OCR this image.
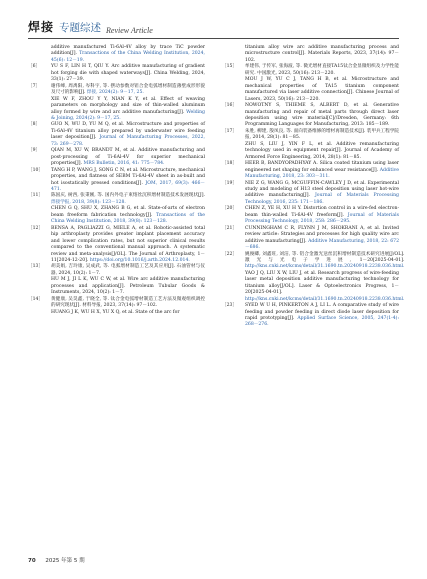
焊接 专题综述 Review Article
additive manufactured Ti-6Al-4V alloy by trace TiC powder addition[J]. Transactions of the China Welding Institution, 2024, 45(6): 12－19.
［6］	YU S F, LIN H T, QIU Y. Arc additive manufacturing of gradient hot forging die with shaped waterways[J]. China Welding, 2024, 33(1): 27－39.
［7］	谢伟峰, 周禹阳, 岑科宇, 等. 摆动参数对钽合金电弧增材制造薄壁成形形貌及尺寸的影响[J]. 焊接, 2024(2): 9－17, 25.
XIE W F, ZHOU Y Y, NIAN K Y, et al. Effect of weaving parameters on morphology and size of thin-walled aluminum alloy formed by wire and arc additive manufacturing[J]. Welding & Joining, 2024(2): 9－17, 25.
［8］	GUO N, WU D, YU M Q, et al. Microstructure and properties of Ti-6Al-4V titanium alloy prepared by underwater wire feeding laser deposition[J]. Journal of Manufacturing Processes, 2022, 73: 269－278.
［9］	QIAN M, XU W, BRANDT M, et al. Additive manufacturing and post-processing of Ti-6Al-4V for superior mechanical properties[J]. MRS Bulletin, 2016, 41: 775－784.
［10］	TANG H P, WANG J, SONG C N, et al. Microstructure, mechanical properties, and flatness of SEBM Ti-6Al-4V sheet in as-built and hot isostatically pressed conditions[J]. JOM, 2017, 69(3): 466－471.
［11］	陈国庆, 树西, 张秉刚, 等. 国内外电子束熔丝沉积增材制造技术发展现状[J]. 焊接学报, 2018, 39(8): 123－128.
CHEN G Q, SHU X, ZHANG B G, et al. State-of-arts of electron beam freeform fabrication technology[J]. Transactions of the China Welding Institution, 2018, 39(8): 123－128.
［12］	BENSA A, PAGLIAZZI G, MIELE A, et al. Robotic-assisted total hip arthroplasty provides greater implant placement accuracy and lower complication rates, but not superior clinical results compared to the conventional manual approach. A systematic review and meta-analysis[J/OL]. The Journal of Arthroplasty, 1－11[2024-12-20]. https://doi.org/10.1016/j.arth.2024.12.014.
［13］	胡美娟, 吉玲康, 吴成武, 等. 电弧增材制造工艺及其应用[J]. 石油管材与仪器, 2024, 10(2): 1－7.
HU M J, JI L K, WU C W, et al. Wire arc additive manufacturing processes and application[J]. Petroleum Tubular Goods & Instruments, 2024, 10(2): 1－7.
［14］	黄健康, 吴昊鑫, 于晓全, 等. 钛合金电弧增材制造工艺方法及微观组织调控的研究现状[J]. 材料导报, 2023, 37(14): 97－102.
HUANG J K, WU H X, YU X Q, et al. State of the arc for
titanium alloy wire arc additive manufacturing process and microstructure control[J]. Materials Reports, 2023, 37(14): 97－102.
［15］	牟建伟, 于传军, 张海波, 等. 微光增材直接TA15钛合金显微组织及力学性能研究. 中国激光, 2023, 50(16): 213－220.
MOU J W, YU C J, TANG H B, et al. Microstructure and mechanical properties of TA15 titanium component manufactured via laser additive connection[J]. Chinese Journal of Lasers, 2023, 50(16): 213－220.
［16］	NOWOTNY S, THIEME S, ALBERT D, et al. Generative manufacturing and repair of metal parts through direct laser deposition using wire material[C]//Dresden, Germany: 6th Programming Languages for Manufacturing, 2013: 185－189.
［17］	朱胜, 柳建, 殷凤良, 等. 面向装备维修的增材再制造技术[J]. 装甲兵工程学院报, 2014, 28(1): 81－85.
ZHU S, LIU J, YIN F L, et al. Additive remanufacturing technology used in equipment repair[J]. Journal of Academy of Armored Force Engineering, 2014, 28(1): 81－85.
［18］	HEER B, BANDYOPADHYAY A. Silica coated titanium using laser engineered net shaping for enhanced wear resistance[J]. Additive Manufacturing, 2018, 23: 303－311.
［19］	NIE Z G, WANG G, MCGUFFIN-CAWLEY J D, et al. Experimental study and modeling of H13 steel deposition using laser hot-wire additive manufacturing[J]. Journal of Materials Processing Technology, 2016, 235: 171－186.
［20］	CHEN Z, YE H, XU H Y. Distortion control in a wire-fed electron-beam thin-walled Ti-6Al-4V freeform[J]. Journal of Materials Processing Technology, 2018, 258: 286－295.
［21］	CUNNINGHAM C R, FLYNN J M, SHOKRANI A, et al. Invited review article: Strategies and processes for high quality wire arc additive manufacturing[J]. Additive Manufacturing, 2018, 22: 672－686.
［22］	姚俊卿, 刘鑫旺, 刘洁, 等. 铝合金激光送丝沉积增材制造技术研究进展[J/OL]. 激光与光电子学进展, 1－20[2025-04-01]. http://kns.cnki.net/kcms/detail/31.1690.tn.20240918.2238.036.html.
YAO J Q, LIU X W, LIU J, et al. Research progress of wire-feeding laser metal deposition additive manufacturing technology for titanium alloy[J/OL]. Laser & Optoelectronics Progress, 1－20[2025-04-01]. http://kns.cnki.net/kcms/detail/31.1690.tn.20240918.2238.036.html.
［23］	SYED W U H, PINKERTON A J, LI L. A comparative study of wire feeding and powder feeding in direct diode laser deposition for rapid prototyping[J]. Applied Surface Science, 2005, 247(1-4): 268－276.
70 2025 年第 5 期
